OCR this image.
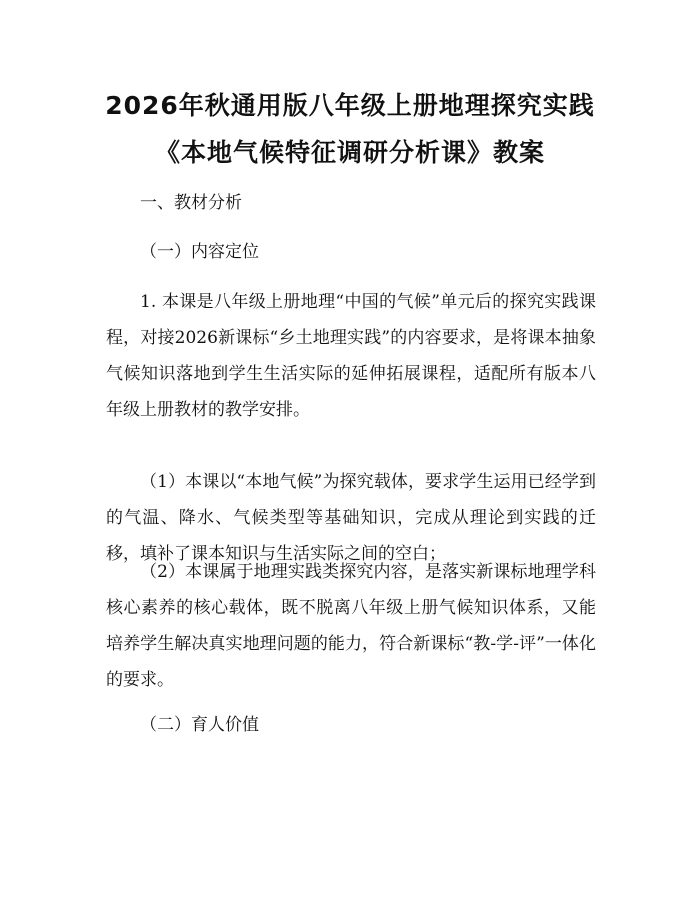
2026年秋通用版八年级上册地理探究实践
《本地气候特征调研分析课》教案

一、教材分析

（一）内容定位

1. 本课是八年级上册地理“中国的气候”单元后的探究实践课程，对接2026新课标“乡土地理实践”的内容要求，是将课本抽象气候知识落地到学生生活实际的延伸拓展课程，适配所有版本八年级上册教材的教学安排。

（1）本课以“本地气候”为探究载体，要求学生运用已经学到的气温、降水、气候类型等基础知识，完成从理论到实践的迁移，填补了课本知识与生活实际之间的空白；

（2）本课属于地理实践类探究内容，是落实新课标地理学科核心素养的核心载体，既不脱离八年级上册气候知识体系，又能培养学生解决真实地理问题的能力，符合新课标“教-学-评”一体化的要求。

（二）育人价值
